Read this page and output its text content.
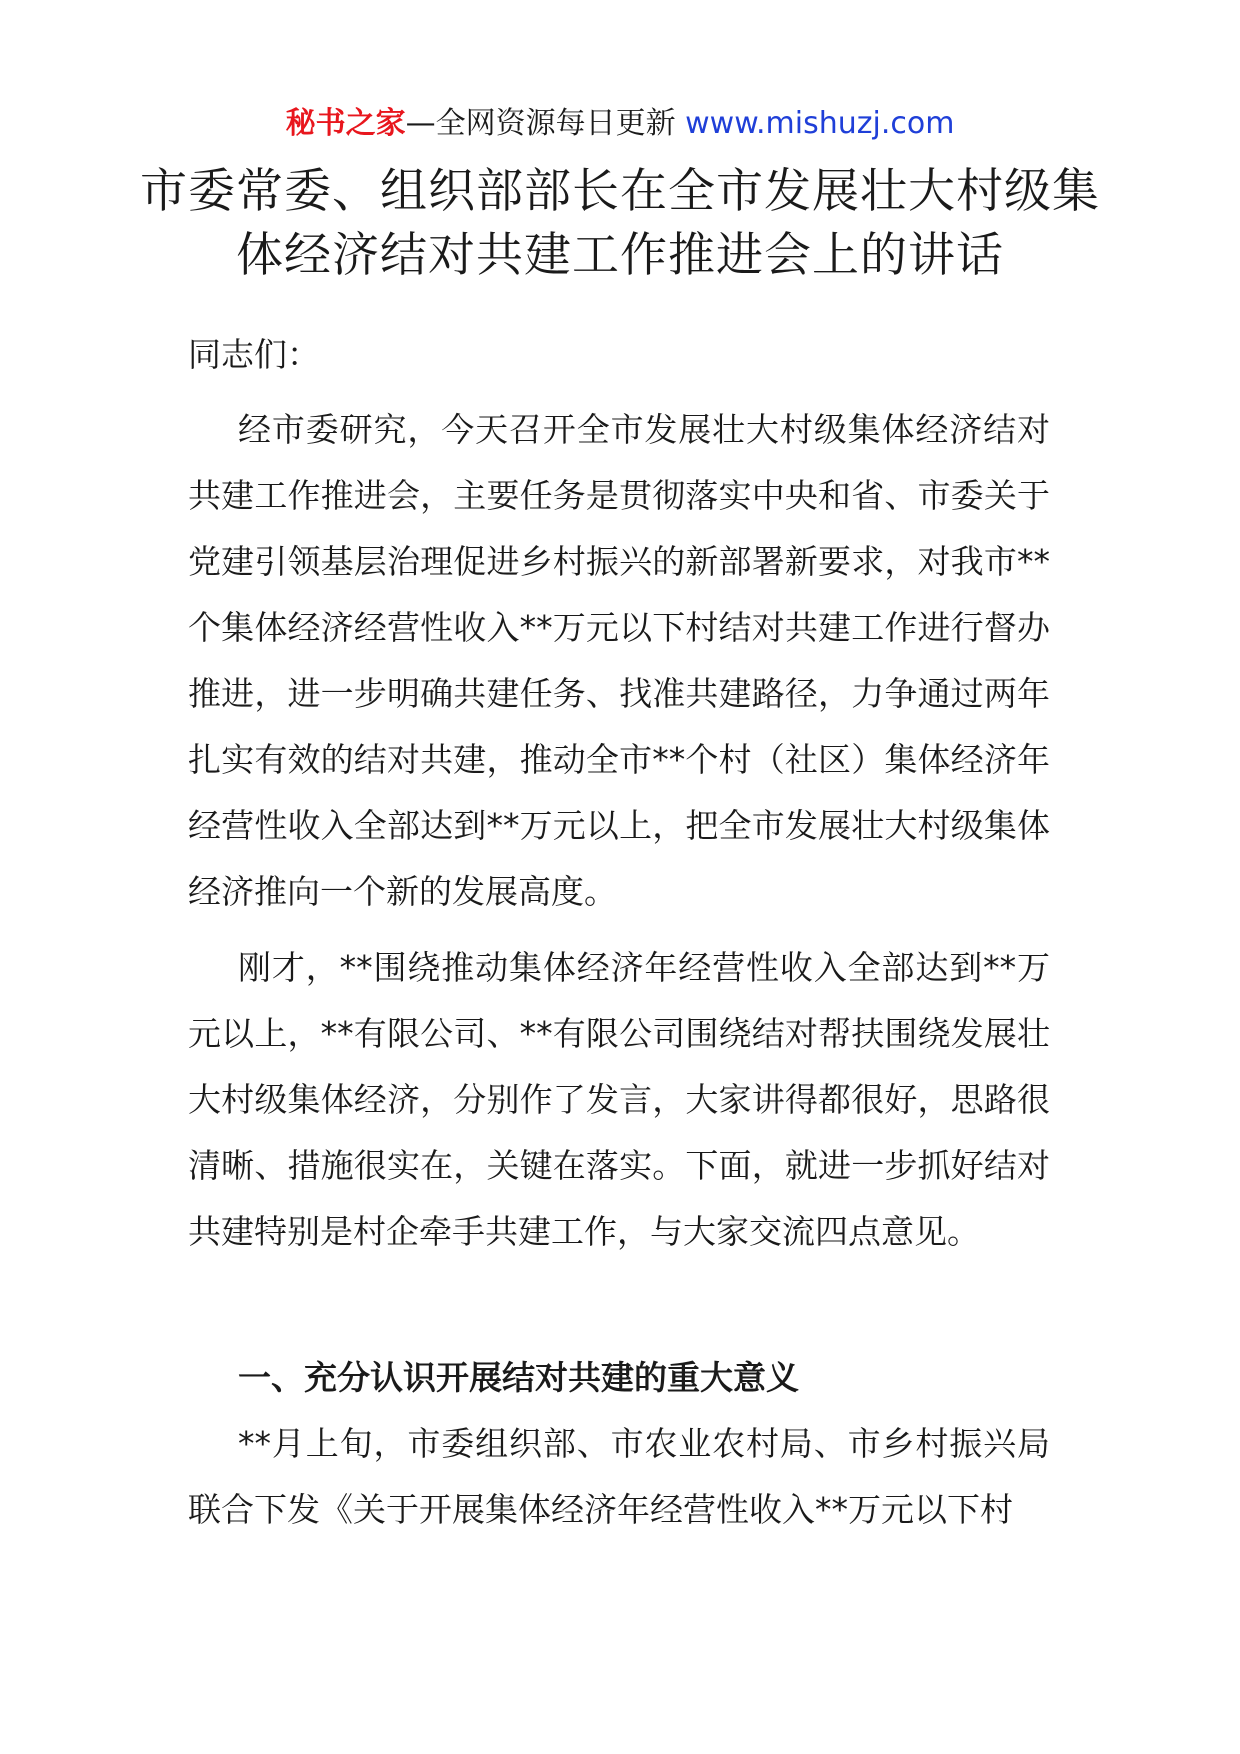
秘书之家—全网资源每日更新 www.mishuzj.com
市委常委、组织部部长在全市发展壮大村级集体经济结对共建工作推进会上的讲话

同志们：

经市委研究，今天召开全市发展壮大村级集体经济结对共建工作推进会，主要任务是贯彻落实中央和省、市委关于党建引领基层治理促进乡村振兴的新部署新要求，对我市**个集体经济经营性收入**万元以下村结对共建工作进行督办推进，进一步明确共建任务、找准共建路径，力争通过两年扎实有效的结对共建，推动全市**个村（社区）集体经济年经营性收入全部达到**万元以上，把全市发展壮大村级集体经济推向一个新的发展高度。

刚才，**围绕推动集体经济年经营性收入全部达到**万元以上，**有限公司、**有限公司围绕结对帮扶围绕发展壮大村级集体经济，分别作了发言，大家讲得都很好，思路很清晰、措施很实在，关键在落实。下面，就进一步抓好结对共建特别是村企牵手共建工作，与大家交流四点意见。

一、充分认识开展结对共建的重大意义

**月上旬，市委组织部、市农业农村局、市乡村振兴局联合下发《关于开展集体经济年经营性收入**万元以下村
